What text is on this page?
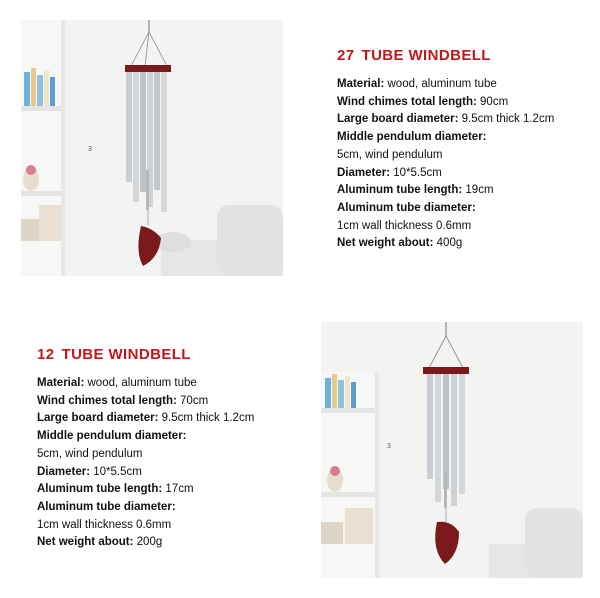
3
27 TUBE WINDBELL
Material: wood, aluminum tube
Wind chimes total length: 90cm
Large board diameter: 9.5cm thick 1.2cm
Middle pendulum diameter:
5cm, wind pendulum
Diameter: 10*5.5cm
Aluminum tube length: 19cm
Aluminum tube diameter:
1cm wall thickness 0.6mm
Net weight about: 400g
12 TUBE WINDBELL
Material: wood, aluminum tube
Wind chimes total length: 70cm
Large board diameter: 9.5cm thick 1.2cm
Middle pendulum diameter:
5cm, wind pendulum
Diameter: 10*5.5cm
Aluminum tube length: 17cm
Aluminum tube diameter:
1cm wall thickness 0.6mm
Net weight about: 200g
3
